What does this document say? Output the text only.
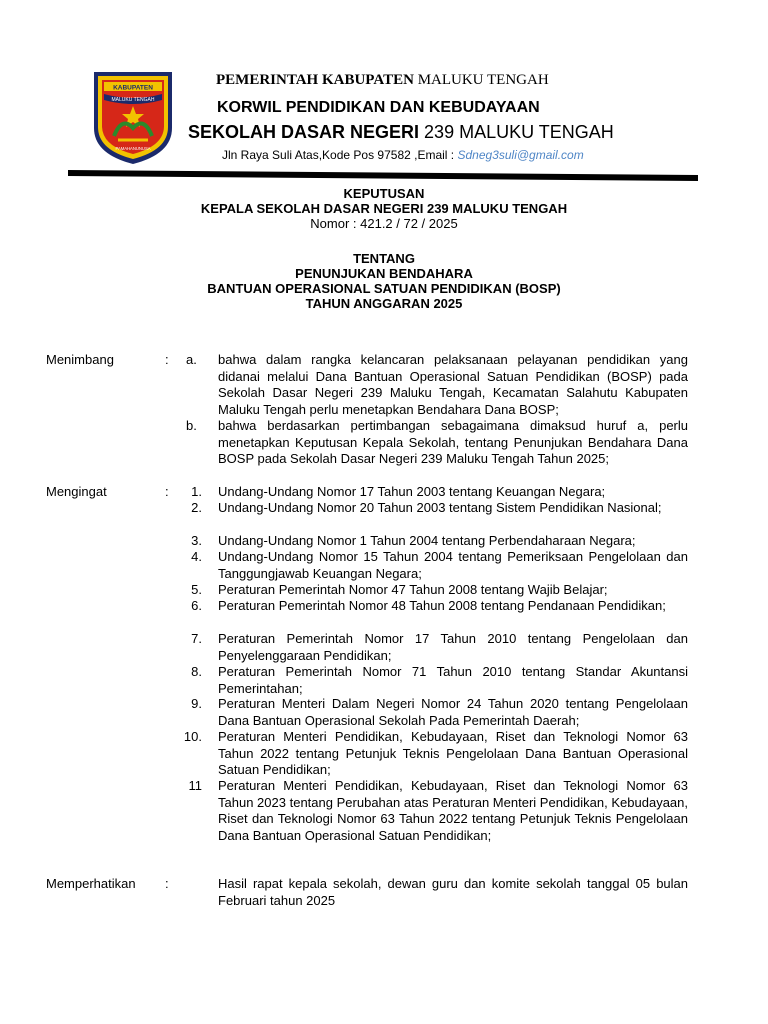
KABUPATEN
MALUKU TENGAH
PAMAHANUNUSA
PEMERINTAH KABUPATEN MALUKU TENGAH
KORWIL PENDIDIKAN DAN KEBUDAYAAN
SEKOLAH DASAR NEGERI 239 MALUKU TENGAH
Jln Raya Suli Atas,Kode Pos 97582 ,Email : Sdneg3suli@gmail.com
KEPUTUSAN
KEPALA SEKOLAH DASAR NEGERI 239 MALUKU TENGAH
Nomor : 421.2 / 72 / 2025
TENTANG
PENUNJUKAN BENDAHARA
BANTUAN OPERASIONAL SATUAN PENDIDIKAN (BOSP)
TAHUN ANGGARAN 2025
Menimbang	: a. bahwa dalam rangka kelancaran pelaksanaan pelayanan pendidikan yang didanai melalui Dana Bantuan Operasional Satuan Pendidikan (BOSP) pada Sekolah Dasar Negeri 239 Maluku Tengah, Kecamatan Salahutu Kabupaten Maluku Tengah perlu menetapkan Bendahara Dana BOSP;
b. bahwa berdasarkan pertimbangan sebagaimana dimaksud huruf a, perlu menetapkan Keputusan Kepala Sekolah, tentang Penunjukan Bendahara Dana BOSP pada Sekolah Dasar Negeri 239 Maluku Tengah Tahun 2025;
Mengingat	:	1. Undang-Undang Nomor 17 Tahun 2003 tentang Keuangan Negara;
2. Undang-Undang Nomor 20 Tahun 2003 tentang Sistem Pendidikan Nasional;
3. Undang-Undang Nomor 1 Tahun 2004 tentang Perbendaharaan Negara;
4. Undang-Undang Nomor 15 Tahun 2004 tentang Pemeriksaan Pengelolaan dan Tanggungjawab Keuangan Negara;
5. Peraturan Pemerintah Nomor 47 Tahun 2008 tentang Wajib Belajar;
6. Peraturan Pemerintah Nomor 48 Tahun 2008 tentang Pendanaan Pendidikan;
7. Peraturan Pemerintah Nomor 17 Tahun 2010 tentang Pengelolaan dan Penyelenggaraan Pendidikan;
8. Peraturan Pemerintah Nomor 71 Tahun 2010 tentang Standar Akuntansi Pemerintahan;
9. Peraturan Menteri Dalam Negeri Nomor 24 Tahun 2020 tentang Pengelolaan Dana Bantuan Operasional Sekolah Pada Pemerintah Daerah;
10. Peraturan Menteri Pendidikan, Kebudayaan, Riset dan Teknologi Nomor 63 Tahun 2022 tentang Petunjuk Teknis Pengelolaan Dana Bantuan Operasional Satuan Pendidikan;
11 Peraturan Menteri Pendidikan, Kebudayaan, Riset dan Teknologi Nomor 63 Tahun 2023 tentang Perubahan atas Peraturan Menteri Pendidikan, Kebudayaan, Riset dan Teknologi Nomor 63 Tahun 2022 tentang Petunjuk Teknis Pengelolaan Dana Bantuan Operasional Satuan Pendidikan;
Memperhatikan :	Hasil rapat kepala sekolah, dewan guru dan komite sekolah tanggal 05 bulan Februari tahun 2025
